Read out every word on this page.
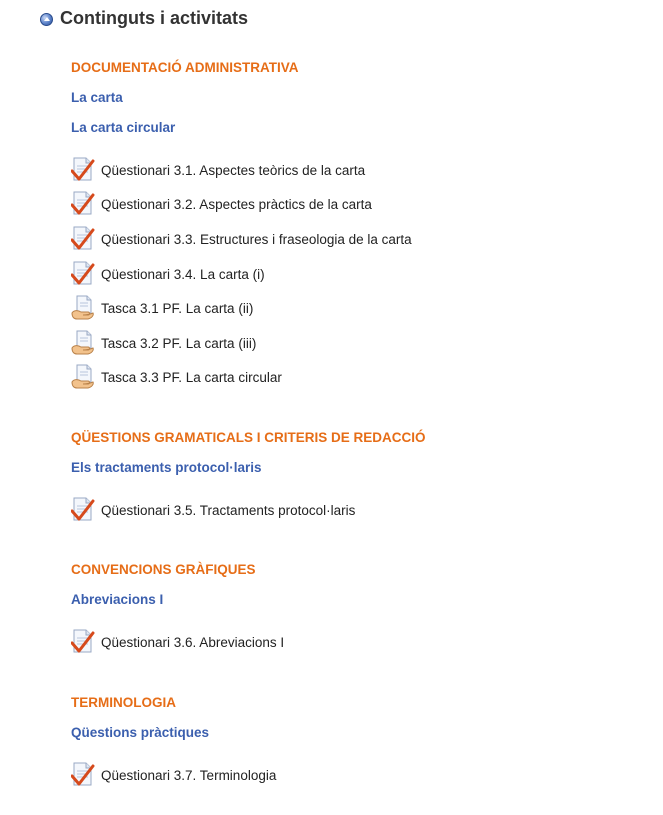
Continguts i activitats
DOCUMENTACIÓ ADMINISTRATIVA
La carta
La carta circular
Qüestionari 3.1. Aspectes teòrics de la carta
Qüestionari 3.2. Aspectes pràctics de la carta
Qüestionari 3.3. Estructures i fraseologia de la carta
Qüestionari 3.4. La carta (i)
Tasca 3.1 PF. La carta (ii)
Tasca 3.2 PF. La carta (iii)
Tasca 3.3 PF. La carta circular
QÜESTIONS GRAMATICALS I CRITERIS DE REDACCIÓ
Els tractaments protocol·laris
Qüestionari 3.5. Tractaments protocol·laris
CONVENCIONS GRÀFIQUES
Abreviacions I
Qüestionari 3.6. Abreviacions I
TERMINOLOGIA
Qüestions pràctiques
Qüestionari 3.7. Terminologia
